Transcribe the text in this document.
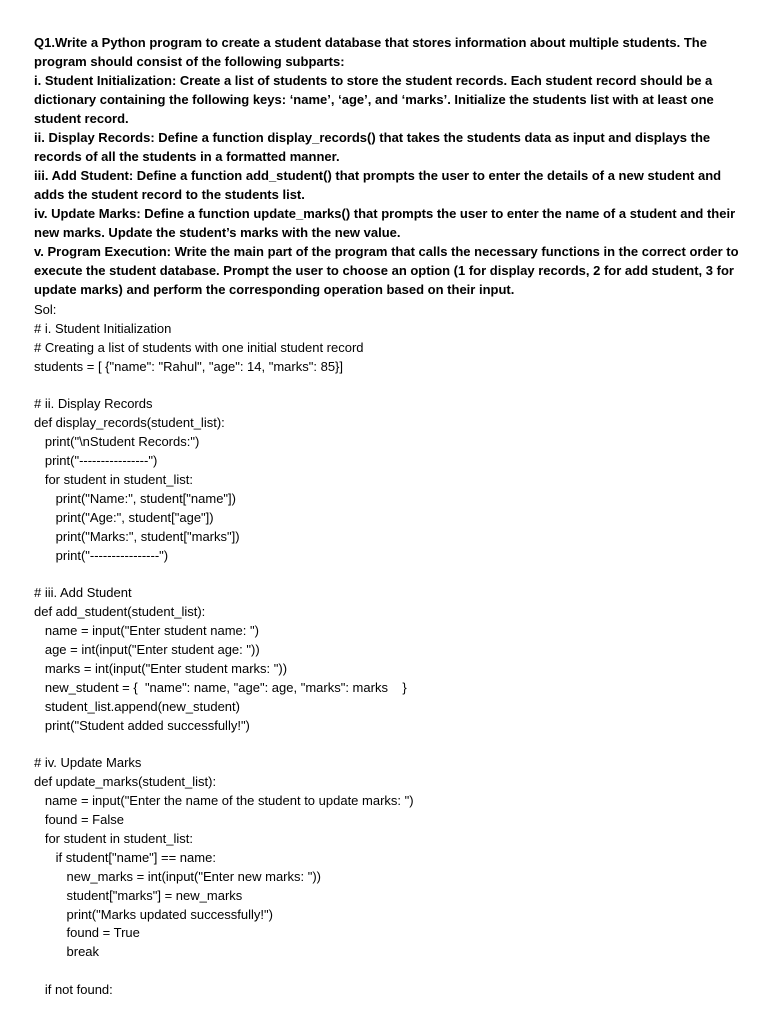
Q1.Write a Python program to create a student database that stores information about multiple students. The program should consist of the following subparts:

i. Student Initialization: Create a list of students to store the student records. Each student record should be a dictionary containing the following keys: ‘name’, ‘age’, and ‘marks’. Initialize the students list with at least one student record.

ii. Display Records: Define a function display_records() that takes the students data as input and displays the records of all the students in a formatted manner.

iii. Add Student: Define a function add_student() that prompts the user to enter the details of a new student and adds the student record to the students list.

iv. Update Marks: Define a function update_marks() that prompts the user to enter the name of a student and their new marks. Update the student’s marks with the new value.

v. Program Execution: Write the main part of the program that calls the necessary functions in the correct order to execute the student database. Prompt the user to choose an option (1 for display records, 2 for add student, 3 for update marks) and perform the corresponding operation based on their input.

Sol:
# i. Student Initialization
# Creating a list of students with one initial student record
students = [ {"name": "Rahul", "age": 14, "marks": 85}]
# ii. Display Records
def display_records(student_list):
print("\nStudent Records:")
print("----------------")
for student in student_list:
print("Name:", student["name"])
print("Age:", student["age"])
print("Marks:", student["marks"])
print("----------------")
# iii. Add Student
def add_student(student_list):
name = input("Enter student name: ")
age = int(input("Enter student age: "))
marks = int(input("Enter student marks: "))
new_student = {  "name": name, "age": age, "marks": marks    }
student_list.append(new_student)
print("Student added successfully!")
# iv. Update Marks
def update_marks(student_list):
name = input("Enter the name of the student to update marks: ")
found = False
for student in student_list:
if student["name"] == name:
new_marks = int(input("Enter new marks: "))
student["marks"] = new_marks
print("Marks updated successfully!")
found = True
break
if not found:
